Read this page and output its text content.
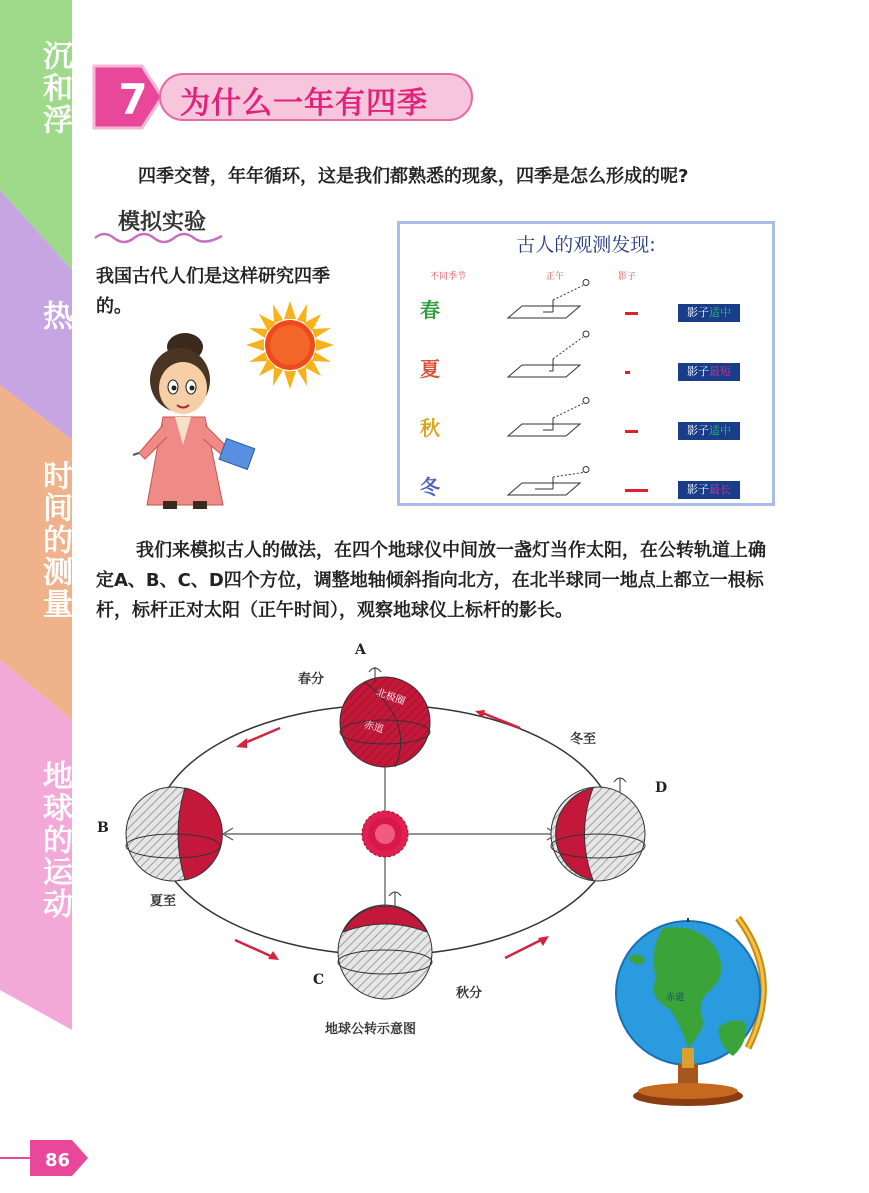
沉和浮
热
时间的测量
地球的运动
7	为什么一年有四季
四季交替，年年循环，这是我们都熟悉的现象，四季是怎么形成的呢?
模拟实验
我国古代人们是这样研究四季的。
古人的观测发现:
不同季节	正午	影子
春	影子适中
夏	影子最短
秋	影子适中
冬	影子最长
我们来模拟古人的做法，在四个地球仪中间放一盏灯当作太阳，在公转轨道上确定A、B、C、D四个方位，调整地轴倾斜指向北方，在北半球同一地点上都立一根标杆，标杆正对太阳（正午时间），观察地球仪上标杆的影长。
北极圈
赤道
A
B
C
D
春分
冬至
夏至
秋分
地球公转示意图
赤道
86
